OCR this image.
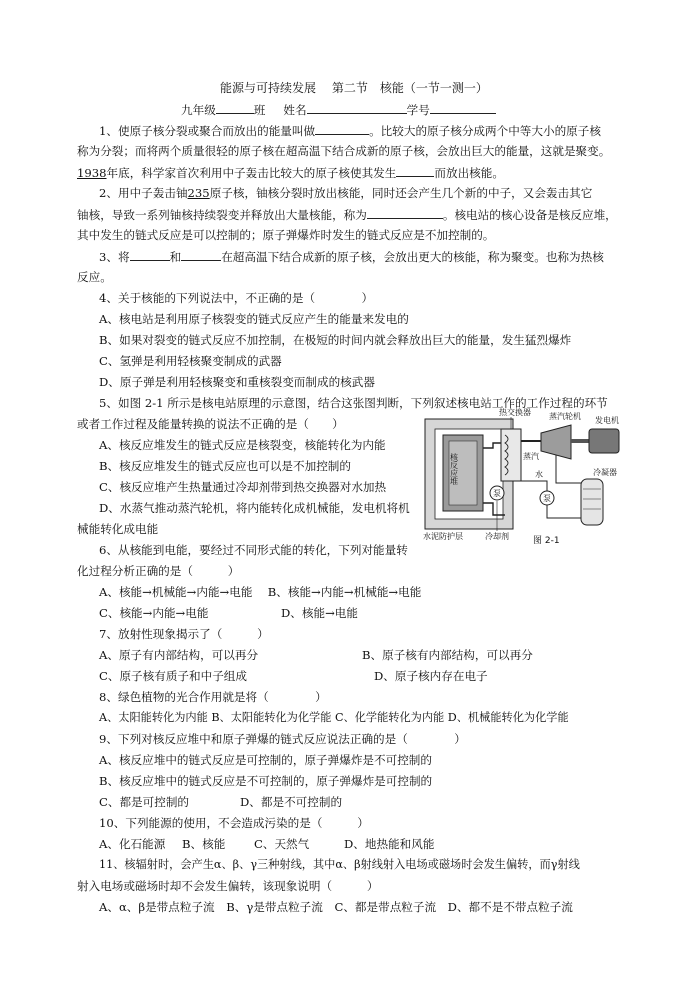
能源与可持续发展　 第二节　核能（一节一测一）
九年级	班 姓名	学号
1、使原子核分裂或聚合而放出的能量叫做	。比较大的原子核分成两个中等大小的原子核
称为分裂；而将两个质量很轻的原子核在超高温下结合成新的原子核，会放出巨大的能量，这就是聚变。
1938年底，科学家首次利用中子轰击比较大的原子核使其发生	而放出核能。
2、用中子轰击铀235原子核，铀核分裂时放出核能，同时还会产生几个新的中子，又会轰击其它
铀核，导致一系列铀核持续裂变并释放出大量核能，称为	。核电站的核心设备是核反应堆，
其中发生的链式反应是可以控制的；原子弹爆炸时发生的链式反应是不加控制的。
3、将	和	在超高温下结合成新的原子核，会放出更大的核能，称为聚变。也称为热核
反应。
4、关于核能的下列说法中，不正确的是（　　　　）
A、核电站是利用原子核裂变的链式反应产生的能量来发电的
B、如果对裂变的链式反应不加控制，在极短的时间内就会释放出巨大的能量，发生猛烈爆炸
C、氢弹是利用轻核聚变制成的武器
D、原子弹是利用轻核聚变和重核裂变而制成的核武器
5、如图 2-1 所示是核电站原理的示意图，结合这张图判断，下列叙述核电站工作的工作过程的环节
或者工作过程及能量转换的说法不正确的是（　　）
A、核反应堆发生的链式反应是核裂变，核能转化为内能
B、核反应堆发生的链式反应也可以是不加控制的
C、核反应堆产生热量通过冷却剂带到热交换器对水加热
D、水蒸气推动蒸汽轮机，将内能转化成机械能，发电机将机
械能转化成电能
核反应堆
泵
蒸汽
泵
水
热交换器 蒸汽轮机 发电机
冷凝器
水泥防护层	冷却剂	图 2-1
6、从核能到电能，要经过不同形式能的转化，下列对能量转
化过程分析正确的是（　　　）
A、核能→机械能→内能→电能　 B、核能→内能→机械能→电能
C、核能→内能→电能	D、核能→电能
7、放射性现象揭示了（　　　）
A、原子有内部结构，可以再分	B、原子核有内部结构，可以再分
C、原子核有质子和中子组成	D、原子核内存在电子
8、绿色植物的光合作用就是将（　　　　）
A、太阳能转化为内能 B、太阳能转化为化学能 C、化学能转化为内能 D、机械能转化为化学能
9、下列对核反应堆中和原子弹爆的链式反应说法正确的是（　　　　）
A、核反应堆中的链式反应是可控制的，原子弹爆炸是不可控制的
B、核反应堆中的链式反应是不可控制的，原子弹爆炸是可控制的
C、都是可控制的	D、都是不可控制的
10、下列能源的使用，不会造成污染的是（　　　）
A、化石能源 B、核能 C、天然气	D、地热能和风能
11、核辐射时，会产生α、β、γ三种射线，其中α、β射线射入电场或磁场时会发生偏转，而γ射线
射入电场或磁场时却不会发生偏转，该现象说明（　　　）
A、α、β是带点粒子流　B、γ是带点粒子流　C、都是带点粒子流　D、都不是不带点粒子流
